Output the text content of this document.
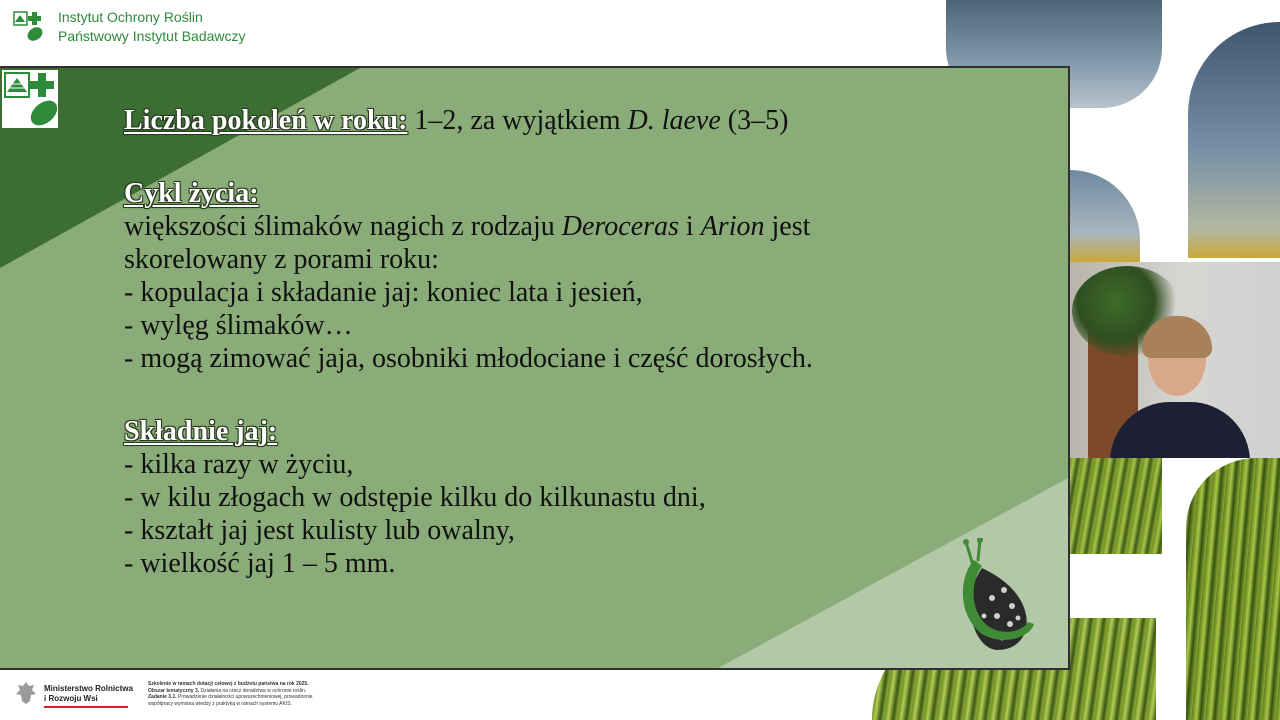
Instytut Ochrony Roślin
Państwowy Instytut Badawczy
Liczba pokoleń w roku: 1–2, za wyjątkiem D. laeve (3–5)
Cykl życia:
większości ślimaków nagich z rodzaju Deroceras i Arion jest
skorelowany z porami roku:
- kopulacja i składanie jaj: koniec lata i jesień,
- wylęg ślimaków…
- mogą zimować jaja, osobniki młodociane i część dorosłych.
Składnie jaj:
- kilka razy w życiu,
- w kilu złogach w odstępie kilku do kilkunastu dni,
- kształt jaj jest kulisty lub owalny,
- wielkość jaj 1 – 5 mm.
Ministerstwo Rolnictwa
i Rozwoju Wsi
Szkolenie w ramach dotacji celowej z budżetu państwa na rok 2025.
Obszar tematyczny 3. Działania na rzecz doradztwa w ochronie roślin.
Zadanie 3.1. Prowadzenie działalności upowszechnieniowej, prowadzenie
współpracy wymiana wiedzy z praktyką w ramach systemu AKIS.
